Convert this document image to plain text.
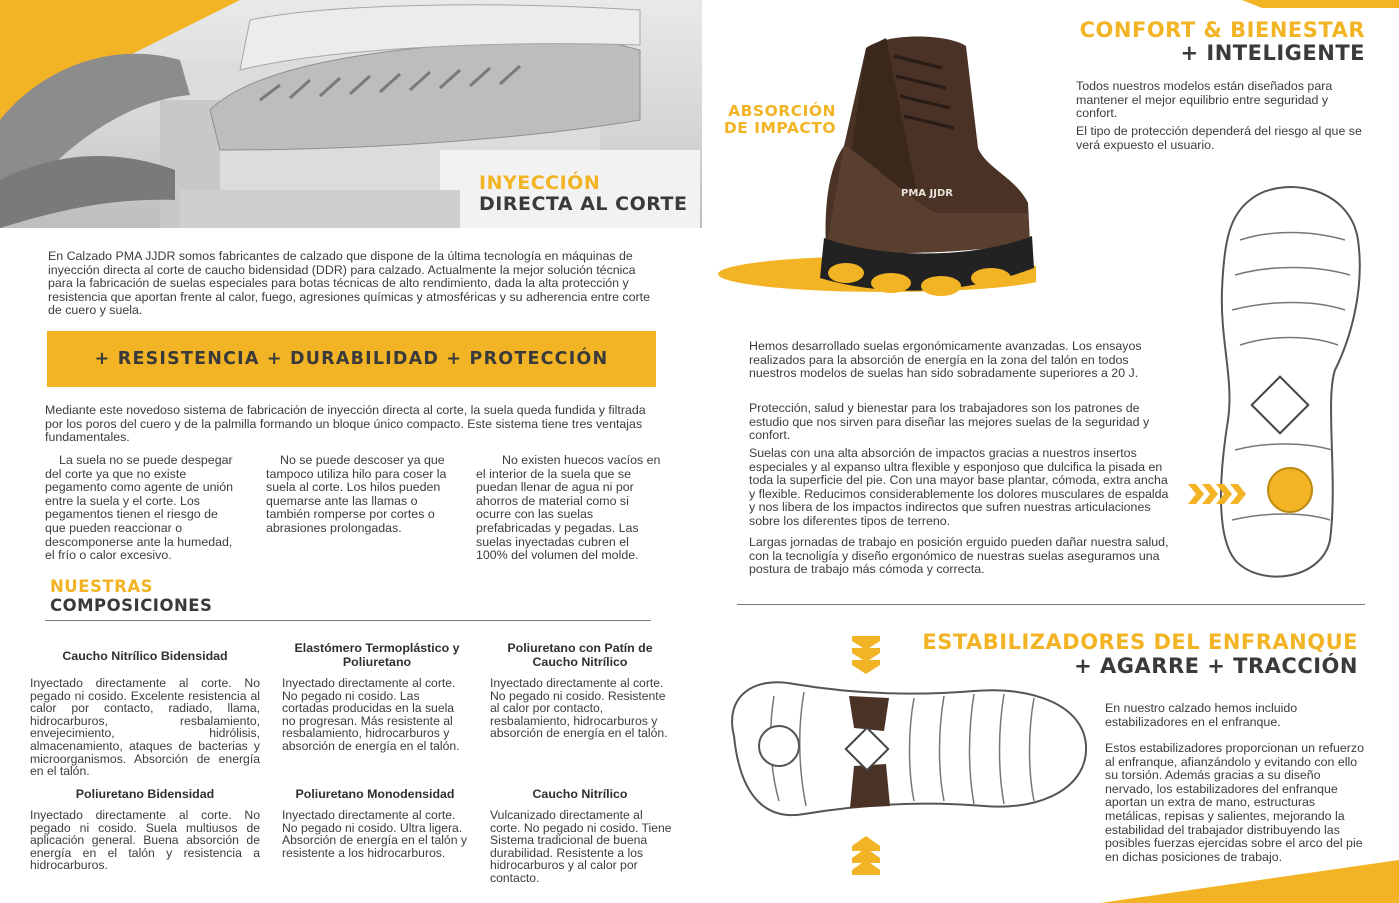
INYECCIÓN
DIRECTA AL CORTE

En Calzado PMA JJDR somos fabricantes de calzado que dispone de la última tecnología en máquinas de inyección directa al corte de caucho bidensidad (DDR) para calzado. Actualmente la mejor solución técnica para la fabricación de suelas especiales para botas técnicas de alto rendimiento, dada la alta protección y resistencia que aportan frente al calor, fuego, agresiones químicas y atmosféricas y su adherencia entre corte de cuero y suela.

+ RESISTENCIA + DURABILIDAD + PROTECCIÓN

Mediante este novedoso sistema de fabricación de inyección directa al corte, la suela queda fundida y filtrada por los poros del cuero y de la palmilla formando un bloque único compacto. Este sistema tiene tres ventajas fundamentales.

La suela no se puede despegar del corte ya que no existe pegamento como agente de unión entre la suela y el corte. Los pegamentos tienen el riesgo de que pueden reaccionar o descomponerse ante la humedad, el frío o calor excesivo.

No se puede descoser ya que tampoco utiliza hilo para coser la suela al corte. Los hilos pueden quemarse ante las llamas o también romperse por cortes o abrasiones prolongadas.

No existen huecos vacíos en el interior de la suela que se puedan llenar de agua ni por ahorros de material como si ocurre con las suelas prefabricadas y pegadas. Las suelas inyectadas cubren el 100% del volumen del molde.

NUESTRAS
COMPOSICIONES
Caucho Nitrílico Bidensidad

Inyectado directamente al corte. No pegado ni cosido. Excelente resistencia al calor por contacto, radiado, llama, hidrocarburos, resbalamiento, envejecimiento, hidrólisis, almacenamiento, ataques de bacterias y microorganismos. Absorción de energía en el talón.

Elastómero Termoplástico y Poliuretano

Inyectado directamente al corte. No pegado ni cosido. Las cortadas producidas en la suela no progresan. Más resistente al resbalamiento, hidrocarburos y absorción de energía en el talón.

Poliuretano con Patín de Caucho Nitrílico

Inyectado directamente al corte. No pegado ni cosido. Resistente al calor por contacto, resbalamiento, hidrocarburos y absorción de energía en el talón.

Poliuretano Bidensidad

Inyectado directamente al corte. No pegado ni cosido. Suela multiusos de aplicación general. Buena absorción de energía en el talón y resistencia a hidrocarburos.

Poliuretano Monodensidad

Inyectado directamente al corte. No pegado ni cosido. Ultra ligera. Absorción de energía en el talón y resistente a los hidrocarburos.

Caucho Nitrílico

Vulcanizado directamente al corte. No pegado ni cosido. Tiene Sistema tradicional de buena durabilidad. Resistente a los hidrocarburos y al calor por contacto.

CONFORT & BIENESTAR
+ INTELIGENTE

Todos nuestros modelos están diseñados para mantener el mejor equilibrio entre seguridad y confort.

El tipo de protección dependerá del riesgo al que se verá expuesto el usuario.

ABSORCIÓN
DE IMPACTO
PMA JJDR

Hemos desarrollado suelas ergonómicamente avanzadas. Los ensayos realizados para la absorción de energía en la zona del talón en todos nuestros modelos de suelas han sido sobradamente superiores a 20 J.

Protección, salud y bienestar para los trabajadores son los patrones de estudio que nos sirven para diseñar las mejores suelas de la seguridad y confort.

Suelas con una alta absorción de impactos gracias a nuestros insertos especiales y al expanso ultra flexible y esponjoso que dulcifica la pisada en toda la superficie del pie. Con una mayor base plantar, cómoda, extra ancha y flexible. Reducimos considerablemente los dolores musculares de espalda y nos libera de los impactos indirectos que sufren nuestras articulaciones sobre los diferentes tipos de terreno.

Largas jornadas de trabajo en posición erguido pueden dañar nuestra salud, con la tecnoligía y diseño ergonómico de nuestras suelas aseguramos una postura de trabajo más cómoda y correcta.

ESTABILIZADORES DEL ENFRANQUE
+ AGARRE + TRACCIÓN

En nuestro calzado hemos incluido estabilizadores en el enfranque.

Estos estabilizadores proporcionan un refuerzo al enfranque, afianzándolo y evitando con ello su torsión. Además gracias a su diseño nervado, los estabilizadores del enfranque aportan un extra de mano, estructuras metálicas, repisas y salientes, mejorando la estabilidad del trabajador distribuyendo las posibles fuerzas ejercidas sobre el arco del pie en dichas posiciones de trabajo.
